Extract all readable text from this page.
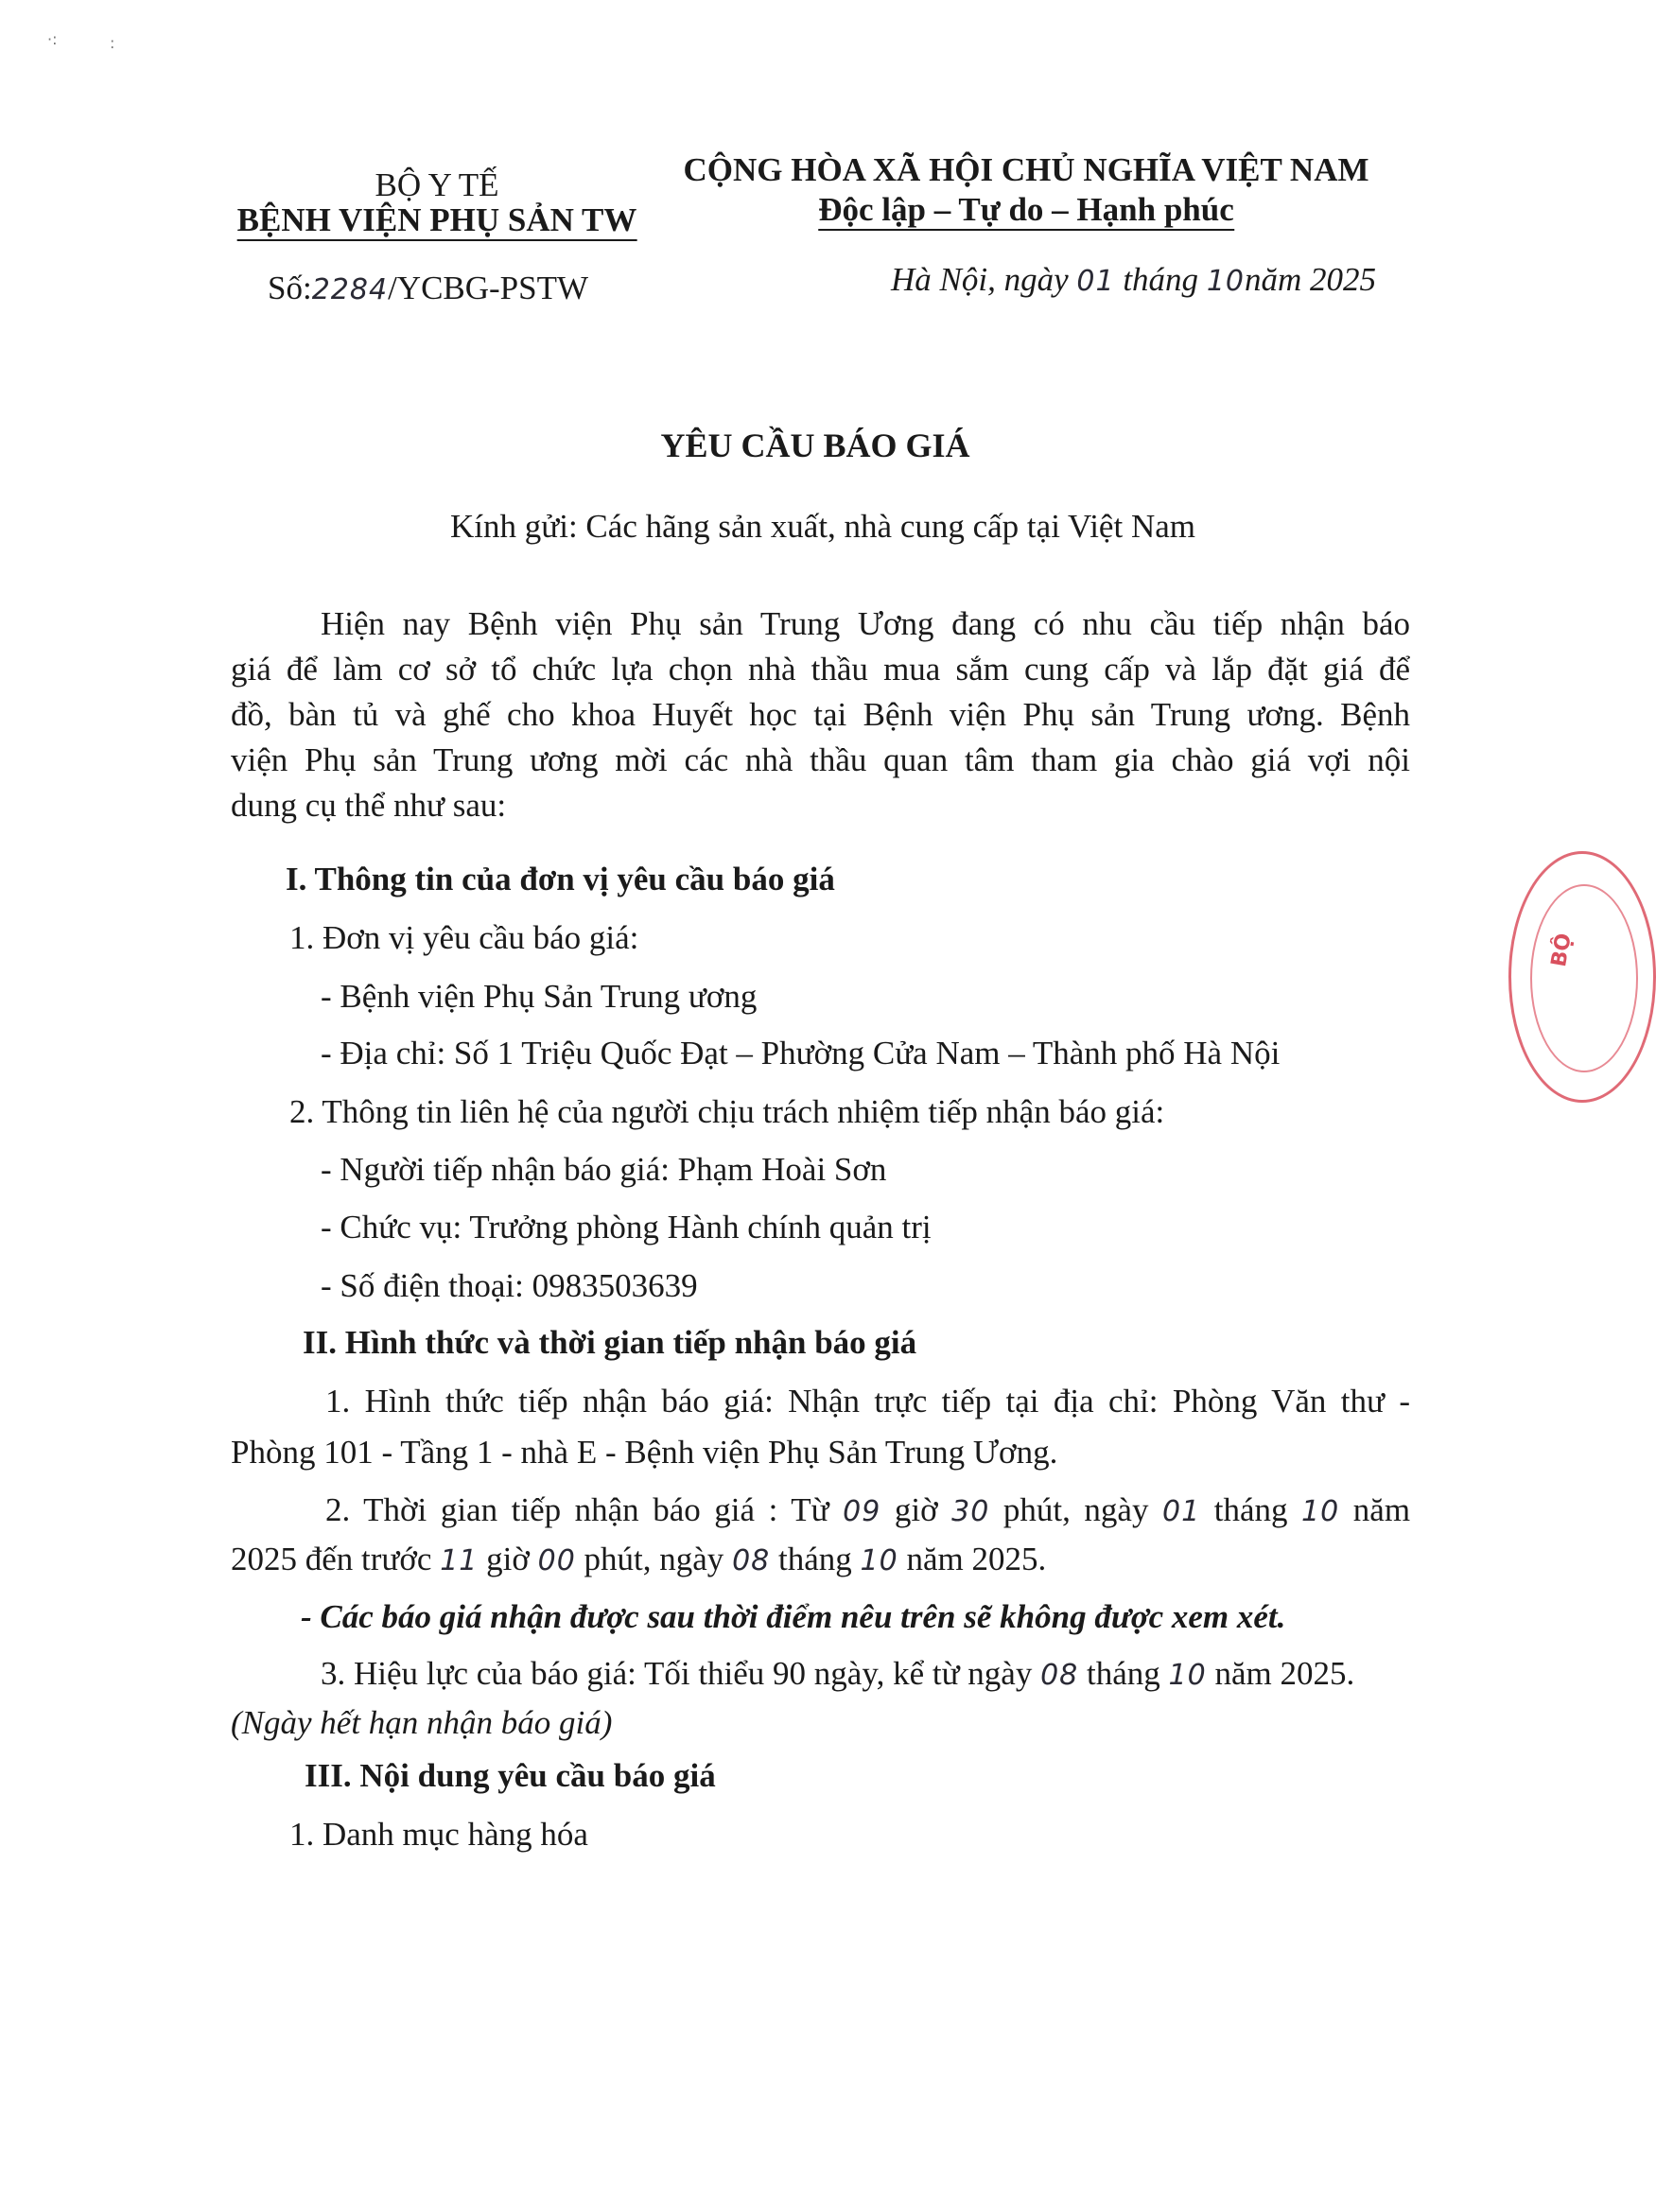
·:	:
BỘ Y TẾ
BỆNH VIỆN PHỤ SẢN TW
Số:2284/YCBG-PSTW
CỘNG HÒA XÃ HỘI CHỦ NGHĨA VIỆT NAM
Độc lập – Tự do – Hạnh phúc
Hà Nội, ngày 01 tháng 10năm 2025
YÊU CẦU BÁO GIÁ
Kính gửi: Các hãng sản xuất, nhà cung cấp tại Việt Nam
Hiện nay Bệnh viện Phụ sản Trung Ương đang có nhu cầu tiếp nhận báo
giá để làm cơ sở tổ chức lựa chọn nhà thầu mua sắm cung cấp và lắp đặt giá để
đồ, bàn tủ và ghế cho khoa Huyết học tại Bệnh viện Phụ sản Trung ương. Bệnh
viện Phụ sản Trung ương mời các nhà thầu quan tâm tham gia chào giá vợi nội
dung cụ thể như sau:
I. Thông tin của đơn vị yêu cầu báo giá
1. Đơn vị yêu cầu báo giá:
- Bệnh viện Phụ Sản Trung ương
- Địa chỉ: Số 1 Triệu Quốc Đạt – Phường Cửa Nam – Thành phố Hà Nội
2. Thông tin liên hệ của người chịu trách nhiệm tiếp nhận báo giá:
- Người tiếp nhận báo giá: Phạm Hoài Sơn
- Chức vụ: Trưởng phòng Hành chính quản trị
- Số điện thoại: 0983503639
II. Hình thức và thời gian tiếp nhận báo giá
1. Hình thức tiếp nhận báo giá: Nhận trực tiếp tại địa chỉ: Phòng Văn thư -
Phòng 101 - Tầng 1 - nhà E - Bệnh viện Phụ Sản Trung Ương.
2. Thời gian tiếp nhận báo giá : Từ 09 giờ 30 phút, ngày 01 tháng 10 năm
2025 đến trước 11 giờ 00 phút, ngày 08 tháng 10 năm 2025.
- Các báo giá nhận được sau thời điểm nêu trên sẽ không được xem xét.
3. Hiệu lực của báo giá: Tối thiểu 90 ngày, kể từ ngày 08 tháng 10 năm 2025.
(Ngày hết hạn nhận báo giá)
III. Nội dung yêu cầu báo giá
1. Danh mục hàng hóa
BỘ
